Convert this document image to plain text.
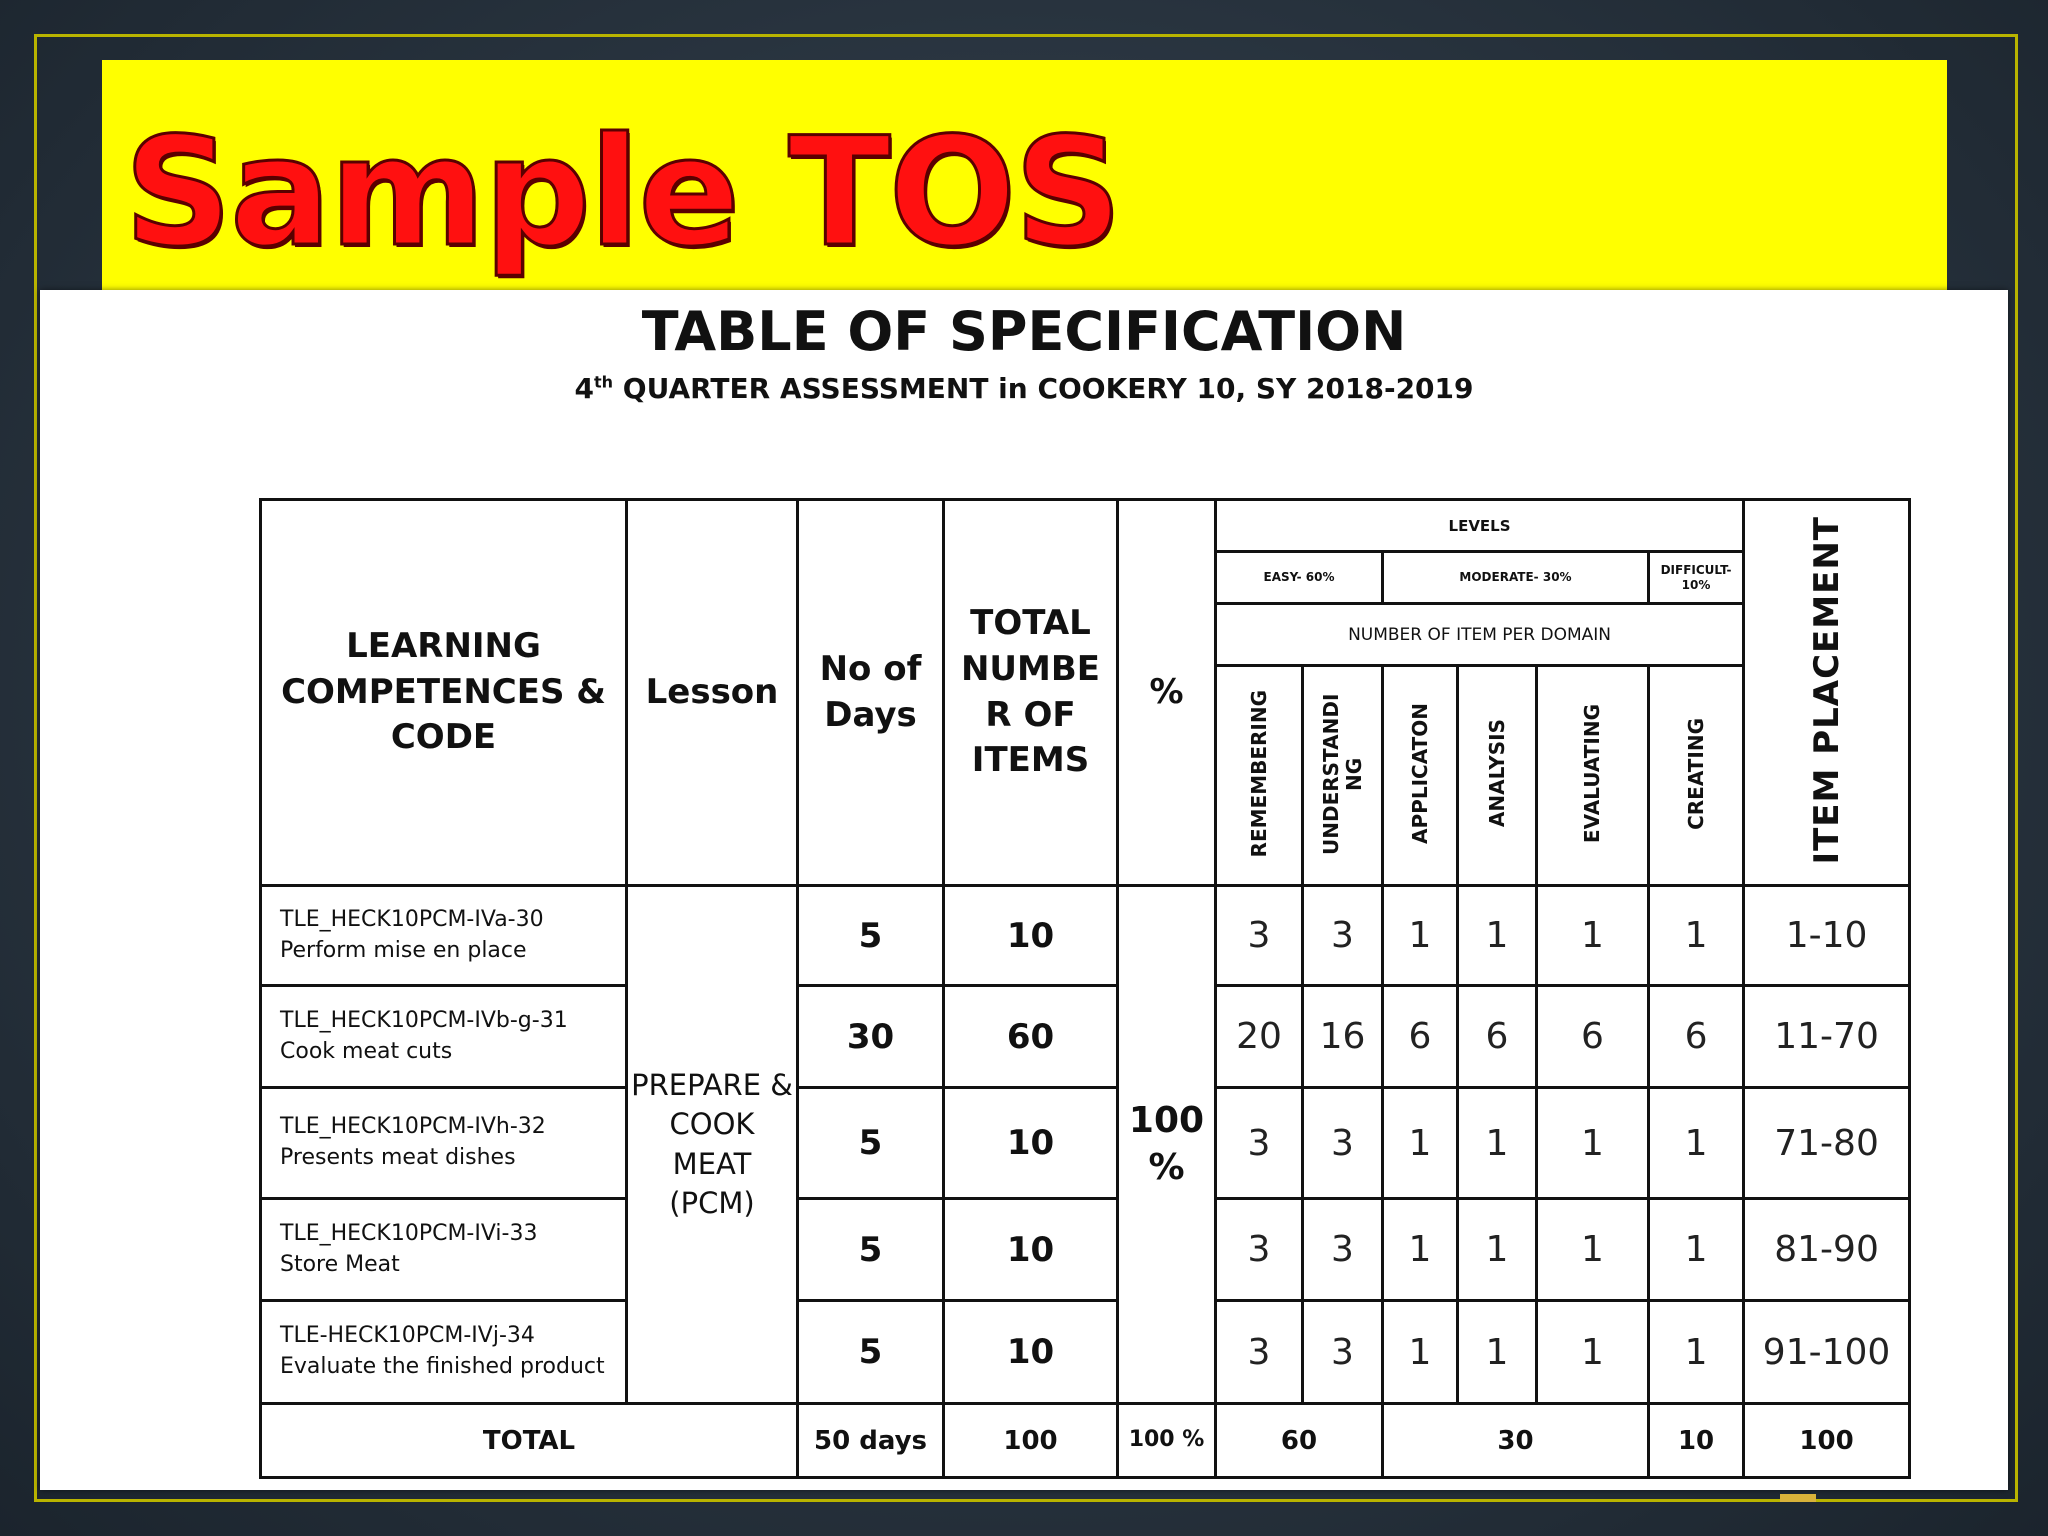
Sample TOS
TABLE OF SPECIFICATION
4th QUARTER ASSESSMENT in COOKERY 10, SY 2018-2019
LEARNING COMPETENCES & CODE	Lesson	No of Days	TOTAL NUMBE R OF ITEMS	%	LEVELS						ITEM PLACEMENT
					EASY- 60%		MODERATE- 30%			DIFFICULT- 10%	
					NUMBER OF ITEM PER DOMAIN						
					REMEMBERING	UNDERSTANDI NG	APPLICATON	ANALYSIS	EVALUATING	CREATING	

TLE_HECK10PCM-IVa-30
Perform mise en place	PREPARE & COOK MEAT (PCM)	5	10	100 %	3	3	1	1	1	1	1-10

TLE_HECK10PCM-IVb-g-31
Cook meat cuts		30	60		20	16	6	6	6	6	11-70

TLE_HECK10PCM-IVh-32
Presents meat dishes		5	10		3	3	1	1	1	1	71-80

TLE_HECK10PCM-IVi-33
Store Meat		5	10		3	3	1	1	1	1	81-90

TLE-HECK10PCM-IVj-34
Evaluate the finished product		5	10		3	3	1	1	1	1	91-100
TOTAL		50 days	100	100 %	60		30			10	100
